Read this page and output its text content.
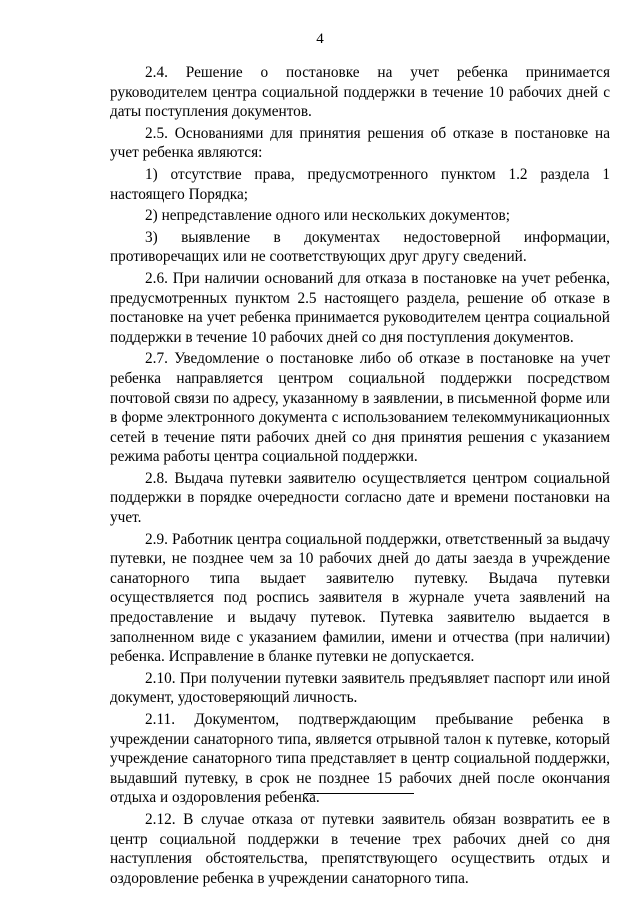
4

2.4. Решение о постановке на учет ребенка принимается руководителем центра социальной поддержки в течение 10 рабочих дней с даты поступления документов.

2.5. Основаниями для принятия решения об отказе в постановке на учет ребенка являются:

1) отсутствие права, предусмотренного пунктом 1.2 раздела 1 настоящего Порядка;

2) непредставление одного или нескольких документов;

3) выявление в документах недостоверной информации, противоречащих или не соответствующих друг другу сведений.

2.6. При наличии оснований для отказа в постановке на учет ребенка, предусмотренных пунктом 2.5 настоящего раздела, решение об отказе в постановке на учет ребенка принимается руководителем центра социальной поддержки в течение 10 рабочих дней со дня поступления документов.

2.7. Уведомление о постановке либо об отказе в постановке на учет ребенка направляется центром социальной поддержки посредством почтовой связи по адресу, указанному в заявлении, в письменной форме или в форме электронного документа с использованием телекоммуникационных сетей в течение пяти рабочих дней со дня принятия решения с указанием режима работы центра социальной поддержки.

2.8. Выдача путевки заявителю осуществляется центром социальной поддержки в порядке очередности согласно дате и времени постановки на учет.

2.9. Работник центра социальной поддержки, ответственный за выдачу путевки, не позднее чем за 10 рабочих дней до даты заезда в учреждение санаторного типа выдает заявителю путевку. Выдача путевки осуществляется под роспись заявителя в журнале учета заявлений на предоставление и выдачу путевок. Путевка заявителю выдается в заполненном виде с указанием фамилии, имени и отчества (при наличии) ребенка. Исправление в бланке путевки не допускается.

2.10. При получении путевки заявитель предъявляет паспорт или иной документ, удостоверяющий личность.

2.11. Документом, подтверждающим пребывание ребенка в учреждении санаторного типа, является отрывной талон к путевке, который учреждение санаторного типа представляет в центр социальной поддержки, выдавший путевку, в срок не позднее 15 рабочих дней после окончания отдыха и оздоровления ребенка.

2.12. В случае отказа от путевки заявитель обязан возвратить ее в центр социальной поддержки в течение трех рабочих дней со дня наступления обстоятельства, препятствующего осуществить отдых и оздоровление ребенка в учреждении санаторного типа.
